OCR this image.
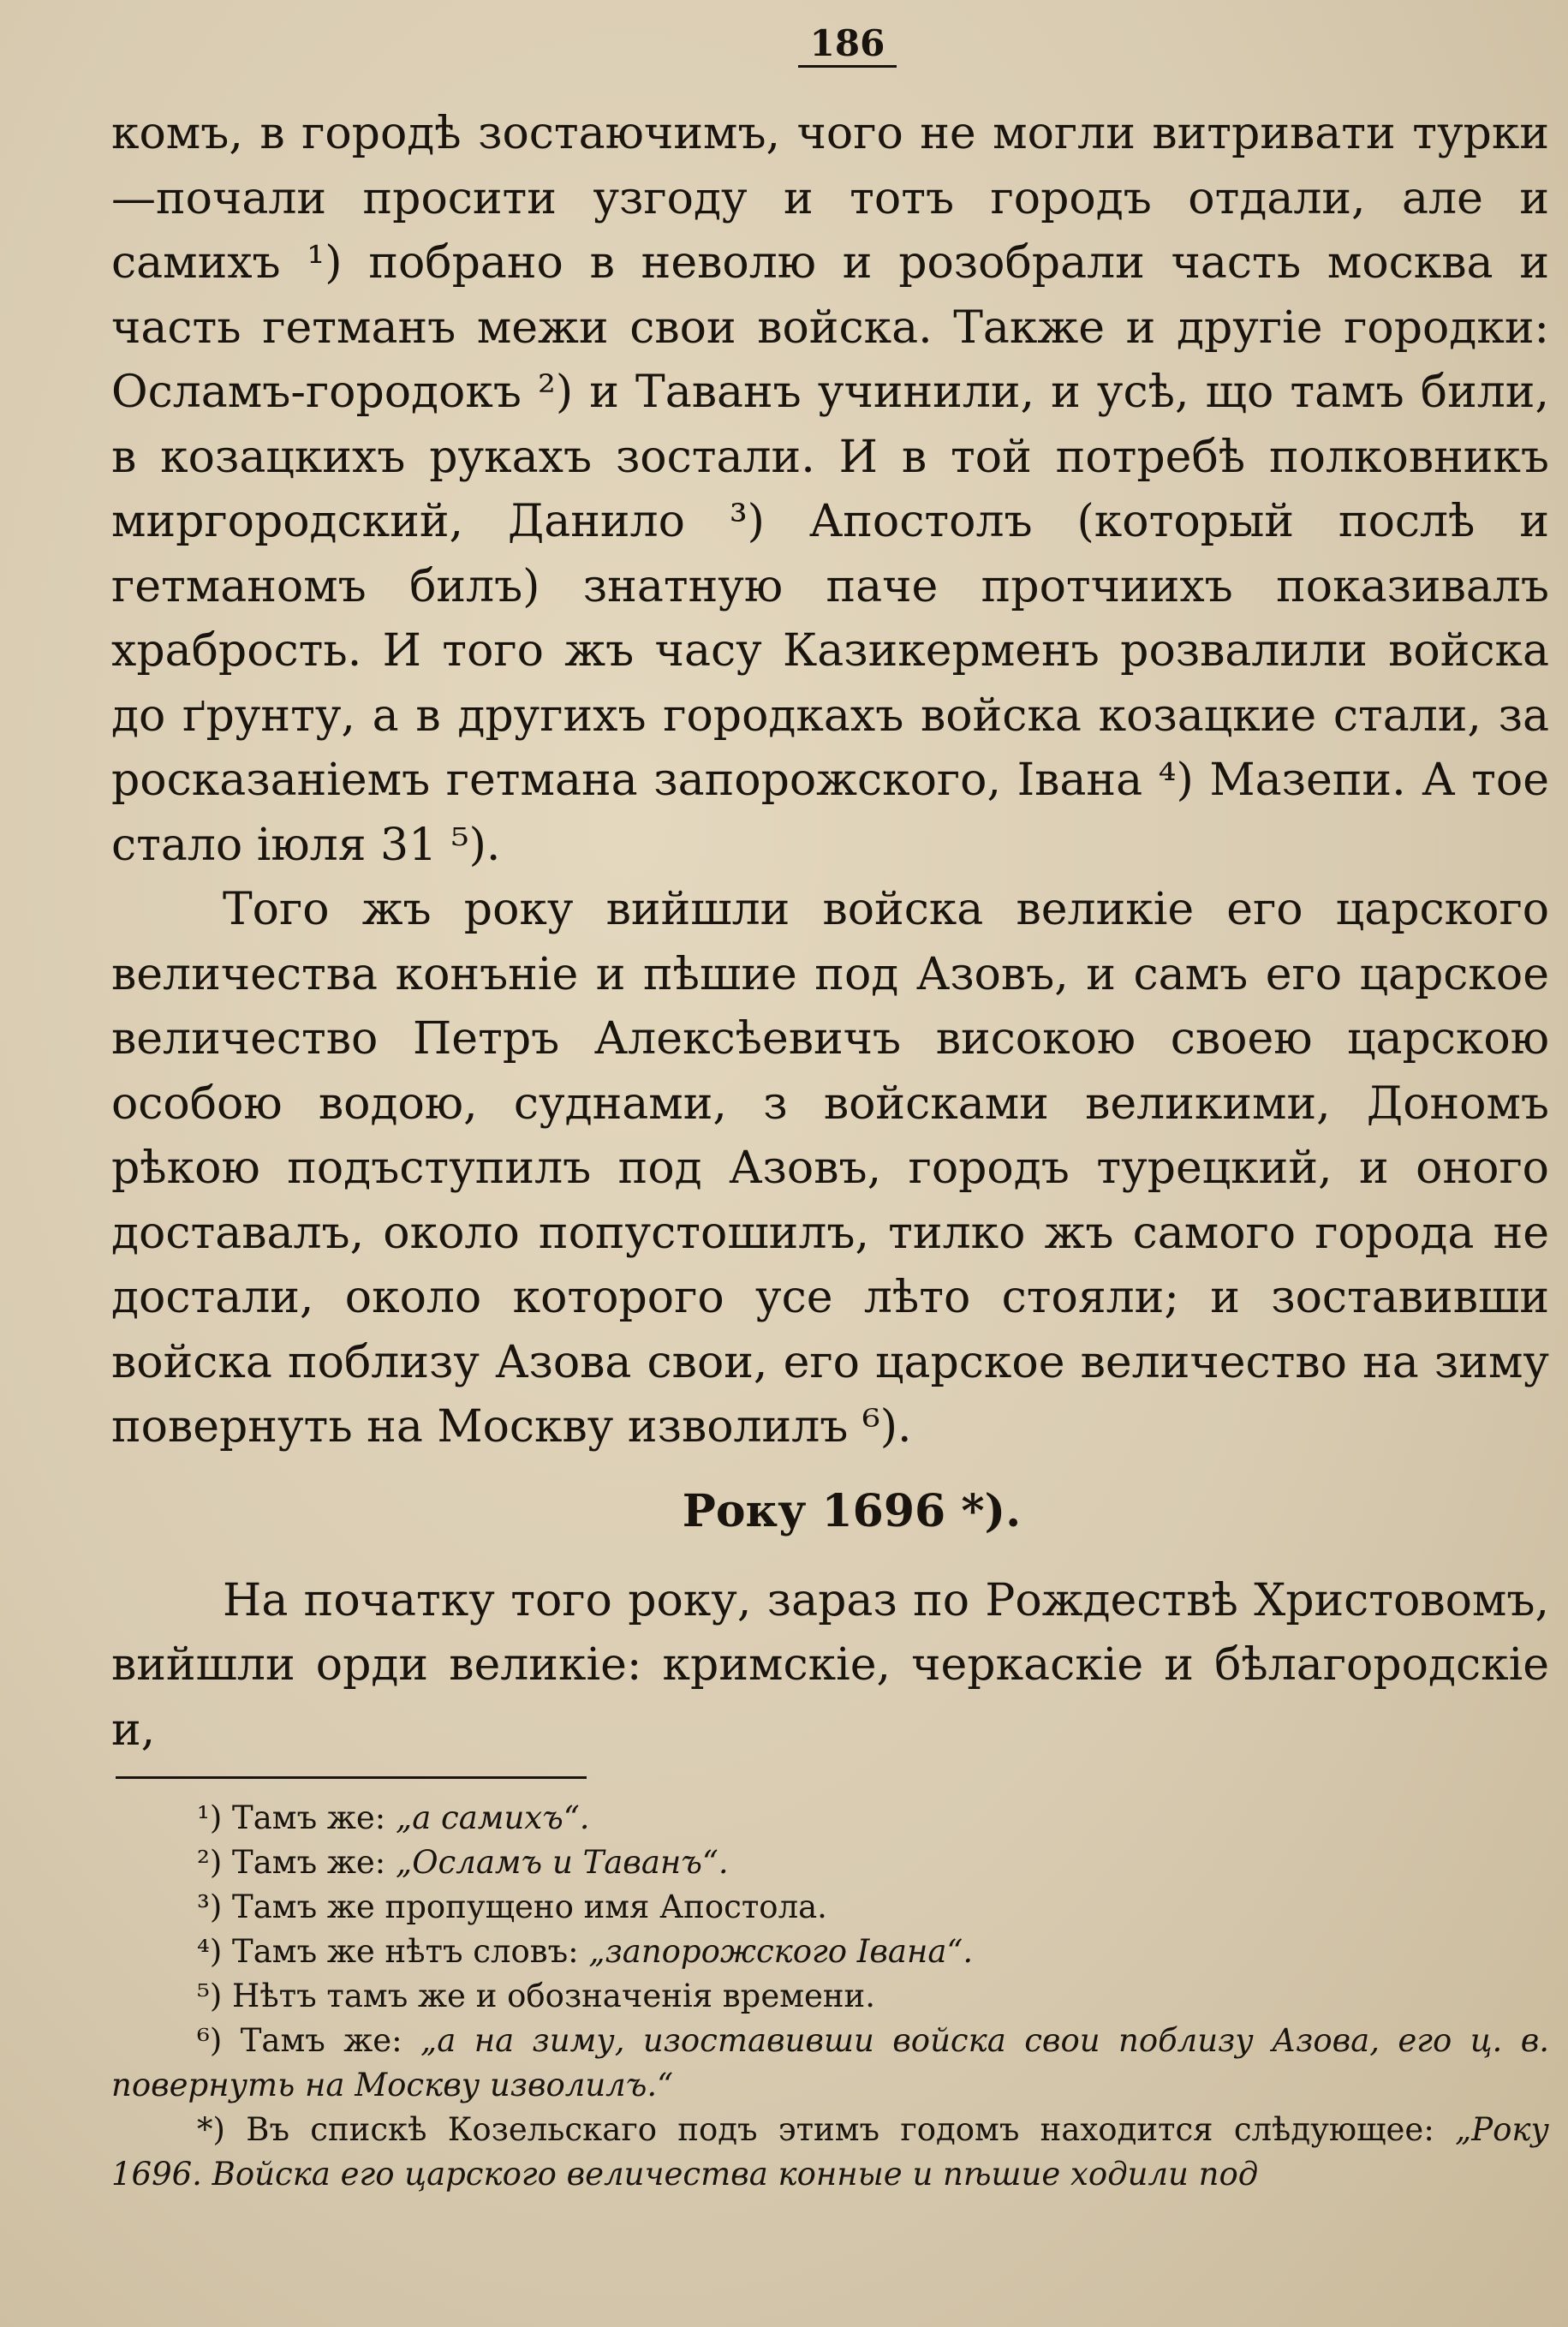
186

комъ, в городѣ зостаючимъ, чого не могли витривати турки—почали просити узгоду и тотъ городъ отдали, але и самихъ ¹) побрано в неволю и розобрали часть москва и часть гетманъ межи свои войска. Также и другіе городки: Осламъ-городокъ ²) и Таванъ учинили, и усѣ, що тамъ били, в козацкихъ рукахъ зостали. И в той потребѣ полковникъ миргородский, Данило ³) Апостолъ (который послѣ и гетманомъ билъ) знатную паче протчиихъ показивалъ храбрость. И того жъ часу Казикерменъ розвалили войска до ґрунту, а в другихъ городкахъ войска козацкие стали, за росказаніемъ гетмана запорожского, Івана ⁴) Мазепи. А тое стало іюля 31 ⁵).

Того жъ року вийшли войска великіе его царского величества конъніе и пѣшие под Азовъ, и самъ его царское величество Петръ Алексѣевичъ високою своею царскою особою водою, суднами, з войсками великими, Дономъ рѣкою подъступилъ под Азовъ, городъ турецкий, и оного доставалъ, около попустошилъ, тилко жъ самого города не достали, около которого усе лѣто стояли; и зоставивши войска поблизу Азова свои, его царское величество на зиму повернуть на Москву изволилъ ⁶).

Року 1696 *).

На початку того року, зараз по Рождествѣ Христовомъ, вийшли орди великіе: кримскіе, черкаскіе и бѣлагородскіе и,

¹) Тамъ же: „а самихъ“.

²) Тамъ же: „Осламъ и Таванъ“.

³) Тамъ же пропущено имя Апостола.

⁴) Тамъ же нѣтъ словъ: „запорожского Івана“.

⁵) Нѣтъ тамъ же и обозначенія времени.

⁶) Тамъ же: „а на зиму, изоставивши войска свои поблизу Азова, его ц. в. повернуть на Москву изволилъ.“

*) Въ спискѣ Козельскаго подъ этимъ годомъ находится слѣдующее: „Року 1696. Войска его царского величества конные и пѣшие ходили под
